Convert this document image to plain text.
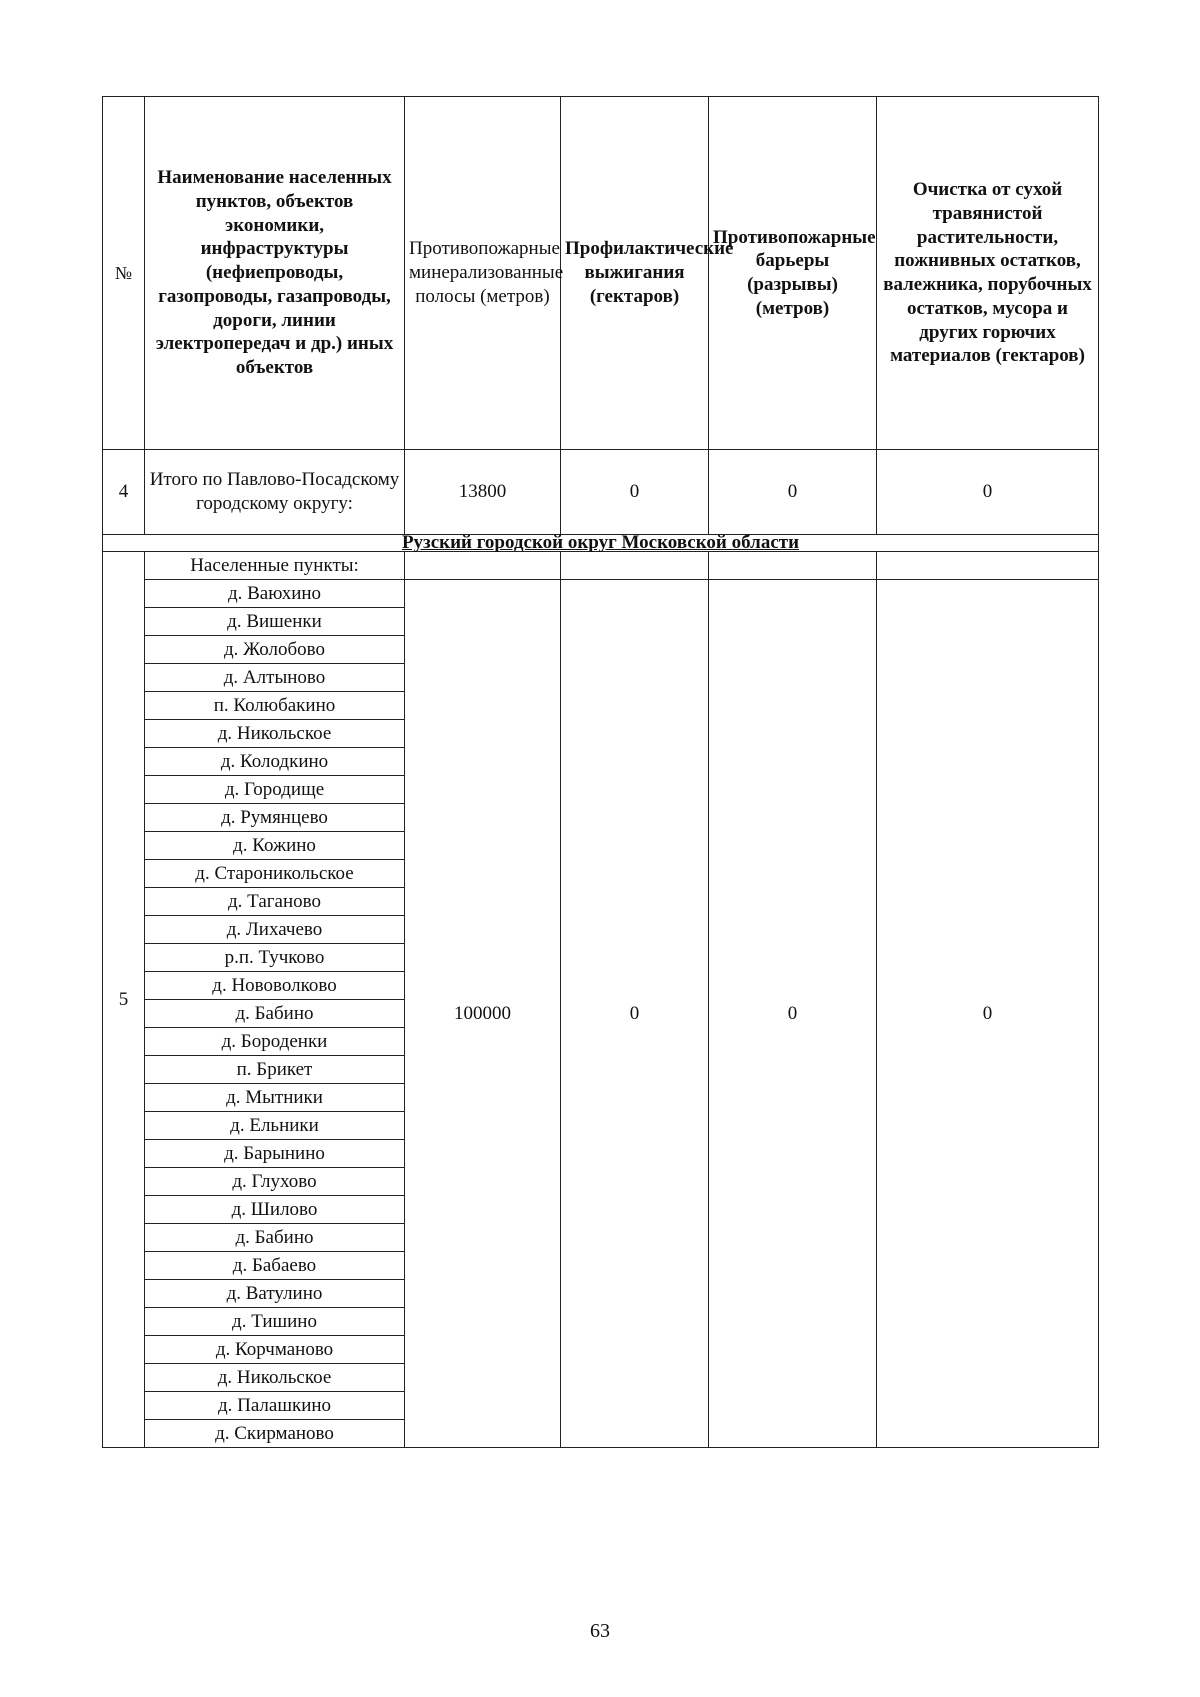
№	Наименование населенных пунктов, объектов экономики, инфраструктуры (нефиепроводы, газопроводы, газапроводы, дороги, линии электропередач и др.) иных объектов	Противопожарные минерализованные полосы (метров)	Профилактические выжигания (гектаров)	Противопожарные барьеры (разрывы) (метров)	Очистка от сухой травянистой растительности, пожнивных остатков, валежника, порубочных остатков, мусора и других горючих материалов (гектаров)
4	Итого по Павлово-Посадскому городскому округу:	13800	0	0	0
Рузский городской округ Московской области					
5	Населенные пункты:				
	д. Ваюхино	100000	0	0	0
	д. Вишенки				
	д. Жолобово				
	д. Алтыново				
	п. Колюбакино				
	д. Никольское				
	д. Колодкино				
	д. Городище				
	д. Румянцево				
	д. Кожино				
	д. Староникольское				
	д. Таганово				
	д. Лихачево				
	р.п. Тучково				
	д. Нововолково				
	д. Бабино				
	д. Бороденки				
	п. Брикет				
	д. Мытники				
	д. Ельники				
	д. Барынино				
	д. Глухово				
	д. Шилово				
	д. Бабино				
	д. Бабаево				
	д. Ватулино				
	д. Тишино				
	д. Корчманово				
	д. Никольское				
	д. Палашкино				
	д. Скирманово				
63
